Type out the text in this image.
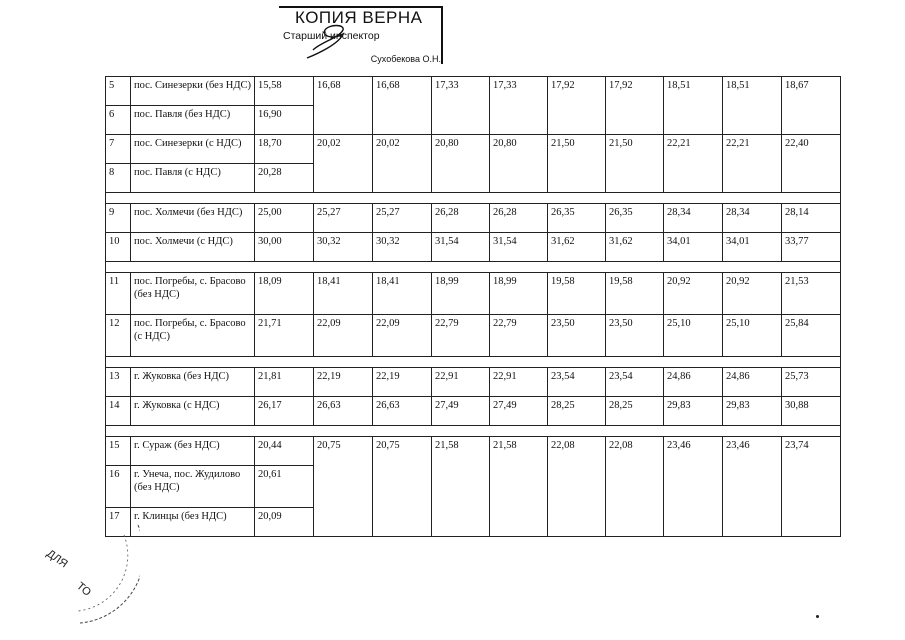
КОПИЯ ВЕРНА
Старший инспектор
Сухобекова О.Н.
5	пос. Синезерки (без НДС)	15,58	16,68	16,68	17,33	17,33	17,92	17,92	18,51	18,51	18,67
6	пос. Павля (без НДС)	16,90									
7	пос. Синезерки (с НДС)	18,70	20,02	20,02	20,80	20,80	21,50	21,50	22,21	22,21	22,40
8	пос. Павля (с НДС)	20,28									

9	пос. Холмечи (без НДС)	25,00	25,27	25,27	26,28	26,28	26,35	26,35	28,34	28,34	28,14
10	пос. Холмечи (с НДС)	30,00	30,32	30,32	31,54	31,54	31,62	31,62	34,01	34,01	33,77

11	пос. Погребы, с. Брасово (без НДС)	18,09	18,41	18,41	18,99	18,99	19,58	19,58	20,92	20,92	21,53
12	пос. Погребы, с. Брасово (с НДС)	21,71	22,09	22,09	22,79	22,79	23,50	23,50	25,10	25,10	25,84

13	г. Жуковка (без НДС)	21,81	22,19	22,19	22,91	22,91	23,54	23,54	24,86	24,86	25,73
14	г. Жуковка (с НДС)	26,17	26,63	26,63	27,49	27,49	28,25	28,25	29,83	29,83	30,88

15	г. Сураж (без НДС)	20,44	20,75	20,75	21,58	21,58	22,08	22,08	23,46	23,46	23,74
16	г. Унеча, пос. Жудилово (без НДС)	20,61									
17	г. Клинцы (без НДС)	20,09									
ДЛЯ
ТО
